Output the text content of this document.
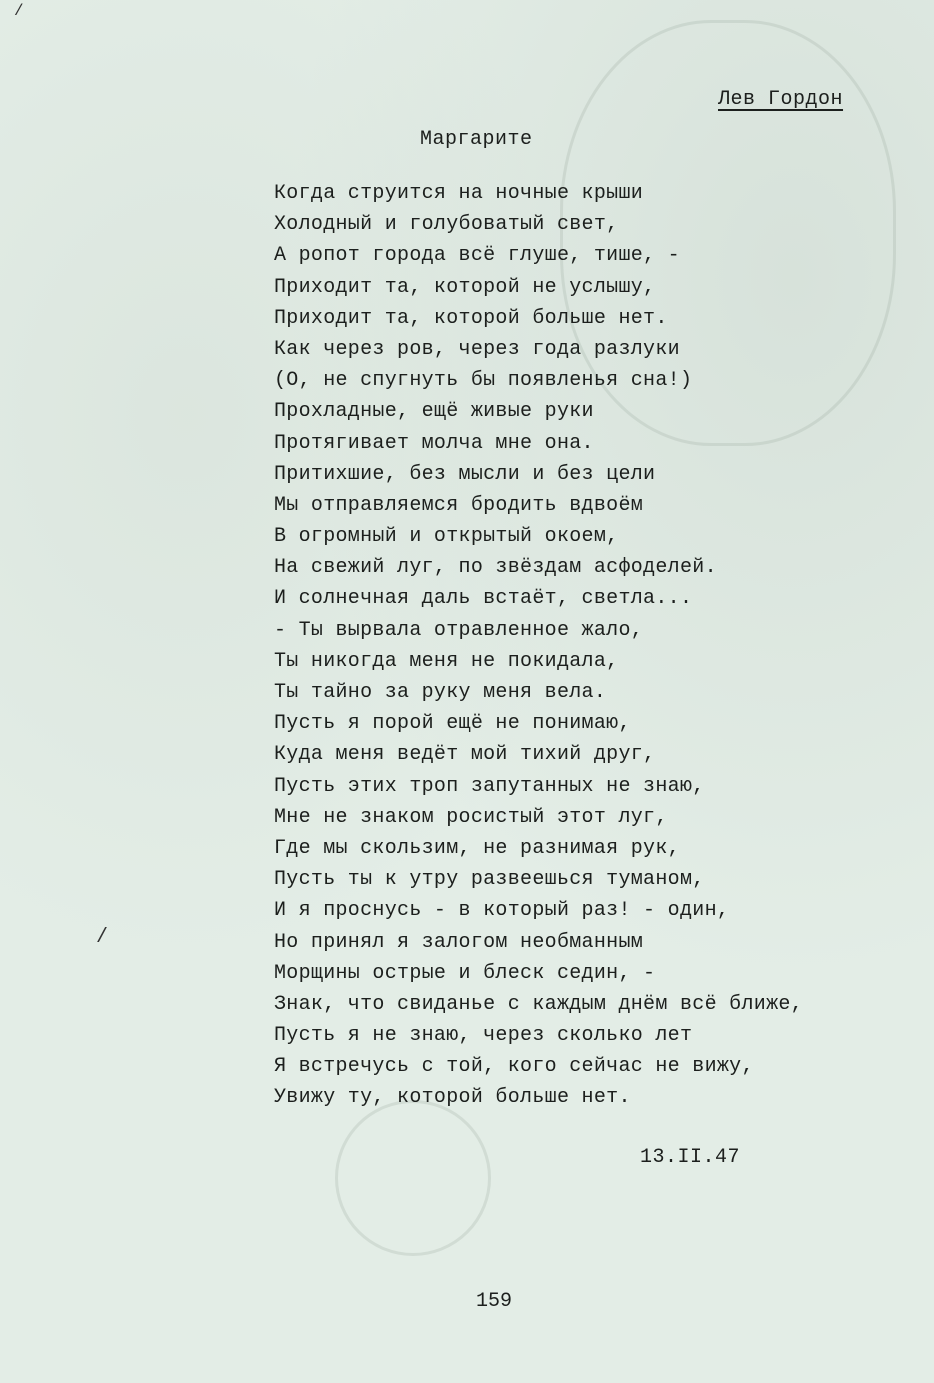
Лев Гордон
Маргарите
Когда струится на ночные крыши
Холодный и голубоватый свет,
А ропот города всё глуше, тише, -
Приходит та, которой не услышу,
Приходит та, которой больше нет.
Как через ров, через года разлуки
(О, не спугнуть бы появленья сна!)
Прохладные, ещё живые руки
Протягивает молча мне она.
Притихшие, без мысли и без цели
Мы отправляемся бродить вдвоём
В огромный и открытый окоем,
На свежий луг, по звёздам асфоделей.
И солнечная даль встаёт, светла...
- Ты вырвала отравленное жало,
Ты никогда меня не покидала,
Ты тайно за руку меня вела.
Пусть я порой ещё не понимаю,
Куда меня ведёт мой тихий друг,
Пусть этих троп запутанных не знаю,
Мне не знаком росистый этот луг,
Где мы скользим, не разнимая рук,
Пусть ты к утру развеешься туманом,
И я проснусь - в который раз! - один,
Но принял я залогом необманным
Морщины острые и блеск седин, -
Знак, что свиданье с каждым днём всё ближе,
Пусть я не знаю, через сколько лет
Я встречусь с той, кого сейчас не вижу,
Увижу ту, которой больше нет.
13.II.47
159
/
/
